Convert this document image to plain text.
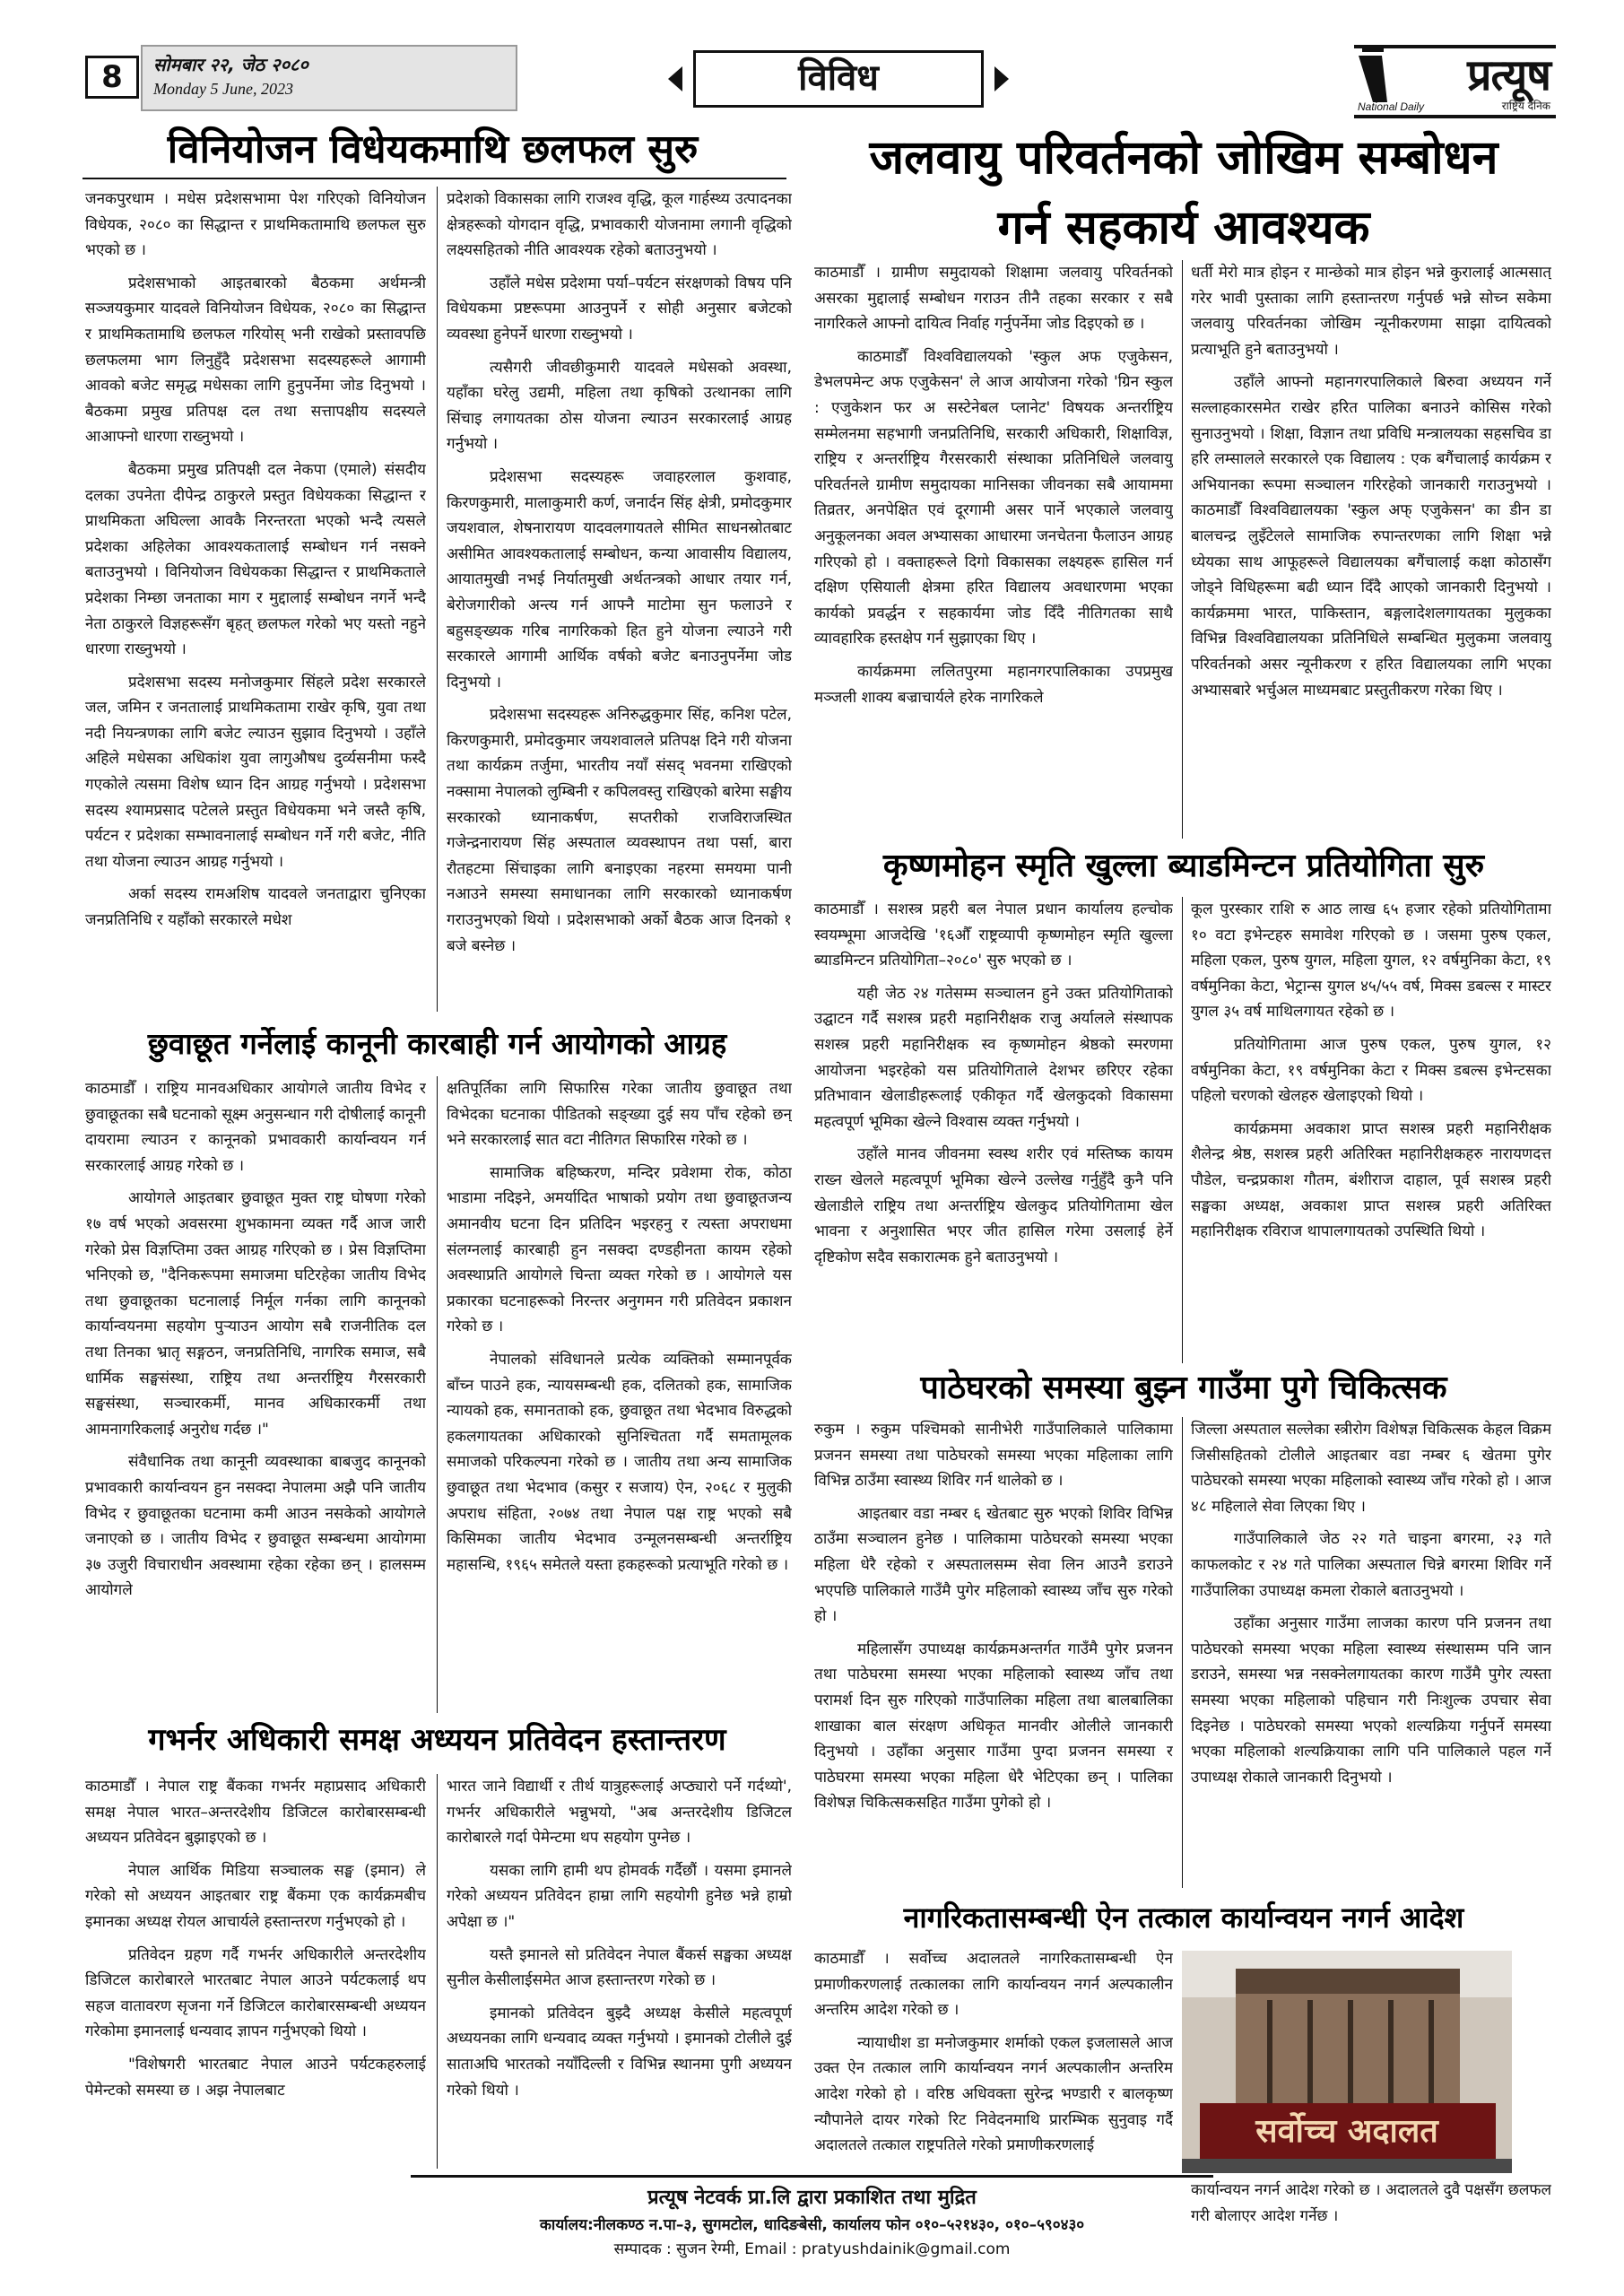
8	सोमबार २२, जेठ २०८०
Monday 5 June, 2023	विविध	प्रत्यूष
National Daily	राष्ट्रिय दैनिक
विनियोजन विधेयकमाथि छलफल सुरु

जनकपुरधाम । मधेस प्रदेशसभामा पेश गरिएको विनियोजन विधेयक, २०८० का सिद्धान्त र प्राथमिकतामाथि छलफल सुरु भएको छ ।

प्रदेशसभाको आइतबारको बैठकमा अर्थमन्त्री सञ्जयकुमार यादवले विनियोजन विधेयक, २०८० का सिद्धान्त र प्राथमिकतामाथि छलफल गरियोस् भनी राखेको प्रस्तावपछि छलफलमा भाग लिनुहुँदै प्रदेशसभा सदस्यहरूले आगामी आवको बजेट समृद्ध मधेसका लागि हुनुपर्नेमा जोड दिनुभयो । बैठकमा प्रमुख प्रतिपक्ष दल तथा सत्तापक्षीय सदस्यले आआफ्नो धारणा राख्नुभयो ।

बैठकमा प्रमुख प्रतिपक्षी दल नेकपा (एमाले) संसदीय दलका उपनेता दीपेन्द्र ठाकुरले प्रस्तुत विधेयकका सिद्धान्त र प्राथमिकता अघिल्ला आवकै निरन्तरता भएको भन्दै त्यसले प्रदेशका अहिलेका आवश्यकतालाई सम्बोधन गर्न नसक्ने बताउनुभयो । विनियोजन विधेयकका सिद्धान्त र प्राथमिकताले प्रदेशका निम्छा जनताका माग र मुद्दालाई सम्बोधन नगर्ने भन्दै नेता ठाकुरले विज्ञहरूसँग बृहत् छलफल गरेको भए यस्तो नहुने धारणा राख्नुभयो ।

प्रदेशसभा सदस्य मनोजकुमार सिंहले प्रदेश सरकारले जल, जमिन र जनतालाई प्राथमिकतामा राखेर कृषि, युवा तथा नदी नियन्त्रणका लागि बजेट ल्याउन सुझाव दिनुभयो । उहाँले अहिले मधेसका अधिकांश युवा लागुऔषध दुर्व्यसनीमा फस्दै गएकोले त्यसमा विशेष ध्यान दिन आग्रह गर्नुभयो । प्रदेशसभा सदस्य श्यामप्रसाद पटेलले प्रस्तुत विधेयकमा भने जस्तै कृषि, पर्यटन र प्रदेशका सम्भावनालाई सम्बोधन गर्ने गरी बजेट, नीति तथा योजना ल्याउन आग्रह गर्नुभयो ।

अर्का सदस्य रामअशिष यादवले जनताद्वारा चुनिएका जनप्रतिनिधि र यहाँको सरकारले मधेश

प्रदेशको विकासका लागि राजश्व वृद्धि, कूल गार्हस्थ्य उत्पादनका क्षेत्रहरूको योगदान वृद्धि, प्रभावकारी योजनामा लगानी वृद्धिको लक्ष्यसहितको नीति आवश्यक रहेको बताउनुभयो ।

उहाँले मधेस प्रदेशमा पर्या–पर्यटन संरक्षणको विषय पनि विधेयकमा प्रष्टरूपमा आउनुपर्ने र सोही अनुसार बजेटको व्यवस्था हुनेपर्ने धारणा राख्नुभयो ।

त्यसैगरी जीवछीकुमारी यादवले मधेसको अवस्था, यहाँका घरेलु उद्यमी, महिला तथा कृषिको उत्थानका लागि सिंचाइ लगायतका ठोस योजना ल्याउन सरकारलाई आग्रह गर्नुभयो ।

प्रदेशसभा सदस्यहरू जवाहरलाल कुशवाह, किरणकुमारी, मालाकुमारी कर्ण, जनार्दन सिंह क्षेत्री, प्रमोदकुमार जयशवाल, शेषनारायण यादवलगायतले सीमित साधनस्रोतबाट असीमित आवश्यकतालाई सम्बोधन, कन्या आवासीय विद्यालय, आयातमुखी नभई निर्यातमुखी अर्थतन्त्रको आधार तयार गर्न, बेरोजगारीको अन्त्य गर्न आफ्नै माटोमा सुन फलाउने र बहुसङ्ख्यक गरिब नागरिकको हित हुने योजना ल्याउने गरी सरकारले आगामी आर्थिक वर्षको बजेट बनाउनुपर्नेमा जोड दिनुभयो ।

प्रदेशसभा सदस्यहरू अनिरुद्धकुमार सिंह, कनिश पटेल, किरणकुमारी, प्रमोदकुमार जयशवालले प्रतिपक्ष दिने गरी योजना तथा कार्यक्रम तर्जुमा, भारतीय नयाँ संसद् भवनमा राखिएको नक्सामा नेपालको लुम्बिनी र कपिलवस्तु राखिएको बारेमा सङ्घीय सरकारको ध्यानाकर्षण, सप्तरीको राजविराजस्थित गजेन्द्रनारायण सिंह अस्पताल व्यवस्थापन तथा पर्सा, बारा रौतहटमा सिंचाइका लागि बनाइएका नहरमा समयमा पानी नआउने समस्या समाधानका लागि सरकारको ध्यानाकर्षण गराउनुभएको थियो । प्रदेशसभाको अर्को बैठक आज दिनको १ बजे बस्नेछ ।

जलवायु परिवर्तनको जोखिम सम्बोधन
गर्न सहकार्य आवश्यक

काठमाडौँ । ग्रामीण समुदायको शिक्षामा जलवायु परिवर्तनको असरका मुद्दालाई सम्बोधन गराउन तीनै तहका सरकार र सबै नागरिकले आफ्नो दायित्व निर्वाह गर्नुपर्नेमा जोड दिइएको छ ।

काठमाडौँ विश्वविद्यालयको 'स्कुल अफ एजुकेसन, डेभलपमेन्ट अफ एजुकेसन' ले आज आयोजना गरेको 'ग्रिन स्कुल : एजुकेशन फर अ सस्टेनेबल प्लानेट' विषयक अन्तर्राष्ट्रिय सम्मेलनमा सहभागी जनप्रतिनिधि, सरकारी अधिकारी, शिक्षाविज्ञ, राष्ट्रिय र अन्तर्राष्ट्रिय गैरसरकारी संस्थाका प्रतिनिधिले जलवायु परिवर्तनले ग्रामीण समुदायका मानिसका जीवनका सबै आयाममा तिव्रतर, अनपेक्षित एवं दूरगामी असर पार्ने भएकाले जलवायु अनुकूलनका अवल अभ्यासका आधारमा जनचेतना फैलाउन आग्रह गरिएको हो । वक्ताहरूले दिगो विकासका लक्ष्यहरू हासिल गर्न दक्षिण एसियाली क्षेत्रमा हरित विद्यालय अवधारणमा भएका कार्यको प्रवर्द्धन र सहकार्यमा जोड दिँदै नीतिगतका साथै व्यावहारिक हस्तक्षेप गर्न सुझाएका थिए ।

कार्यक्रममा ललितपुरमा महानगरपालिकाका उपप्रमुख मञ्जली शाक्य बज्राचार्यले हरेक नागरिकले

धर्ती मेरो मात्र होइन र मान्छेको मात्र होइन भन्ने कुरालाई आत्मसात् गरेर भावी पुस्ताका लागि हस्तान्तरण गर्नुपर्छ भन्ने सोच्न सकेमा जलवायु परिवर्तनका जोखिम न्यूनीकरणमा साझा दायित्वको प्रत्याभूति हुने बताउनुभयो ।

उहाँले आफ्नो महानगरपालिकाले बिरुवा अध्ययन गर्ने सल्लाहकारसमेत राखेर हरित पालिका बनाउने कोसिस गरेको सुनाउनुभयो । शिक्षा, विज्ञान तथा प्रविधि मन्त्रालयका सहसचिव डा हरि लम्सालले सरकारले एक विद्यालय : एक बगैंचालाई कार्यक्रम र अभियानका रूपमा सञ्चालन गरिरहेको जानकारी गराउनुभयो । काठमाडौँ विश्वविद्यालयका 'स्कुल अफ् एजुकेसन' का डीन डा बालचन्द्र लुइँटेलले सामाजिक रुपान्तरणका लागि शिक्षा भन्ने ध्येयका साथ आफूहरूले विद्यालयका बगैंचालाई कक्षा कोठासँग जोड्ने विधिहरूमा बढी ध्यान दिँदै आएको जानकारी दिनुभयो । कार्यक्रममा भारत, पाकिस्तान, बङ्गलादेशलगायतका मुलुकका विभिन्न विश्वविद्यालयका प्रतिनिधिले सम्बन्धित मुलुकमा जलवायु परिवर्तनको असर न्यूनीकरण र हरित विद्यालयका लागि भएका अभ्यासबारे भर्चुअल माध्यमबाट प्रस्तुतीकरण गरेका थिए ।

कृष्णमोहन स्मृति खुल्ला ब्याडमिन्टन प्रतियोगिता सुरु

काठमाडौँ । सशस्त्र प्रहरी बल नेपाल प्रधान कार्यालय हल्चोक स्वयम्भूमा आजदेखि '१६औँ राष्ट्रव्यापी कृष्णमोहन स्मृति खुल्ला ब्याडमिन्टन प्रतियोगिता–२०८०' सुरु भएको छ ।

यही जेठ २४ गतेसम्म सञ्चालन हुने उक्त प्रतियोगिताको उद्घाटन गर्दै सशस्त्र प्रहरी महानिरीक्षक राजु अर्यालले संस्थापक सशस्त्र प्रहरी महानिरीक्षक स्व कृष्णमोहन श्रेष्ठको स्मरणमा आयोजना भइरहेको यस प्रतियोगिताले देशभर छरिएर रहेका प्रतिभावान खेलाडीहरूलाई एकीकृत गर्दै खेलकुदको विकासमा महत्वपूर्ण भूमिका खेल्ने विश्वास व्यक्त गर्नुभयो ।

उहाँले मानव जीवनमा स्वस्थ शरीर एवं मस्तिष्क कायम राख्न खेलले महत्वपूर्ण भूमिका खेल्ने उल्लेख गर्नुहुँदै कुनै पनि खेलाडीले राष्ट्रिय तथा अन्तर्राष्ट्रिय खेलकुद प्रतियोगितामा खेल भावना र अनुशासित भएर जीत हासिल गरेमा उसलाई हेर्ने दृष्टिकोण सदैव सकारात्मक हुने बताउनुभयो ।

कूल पुरस्कार राशि रु आठ लाख ६५ हजार रहेको प्रतियोगितामा १० वटा इभेन्टहरु समावेश गरिएको छ । जसमा पुरुष एकल, महिला एकल, पुरुष युगल, महिला युगल, १२ वर्षमुनिका केटा, १९ वर्षमुनिका केटा, भेट्रान्स युगल ४५/५५ वर्ष, मिक्स डबल्स र मास्टर युगल ३५ वर्ष माथिलगायत रहेको छ ।

प्रतियोगितामा आज पुरुष एकल, पुरुष युगल, १२ वर्षमुनिका केटा, १९ वर्षमुनिका केटा र मिक्स डबल्स इभेन्टसका पहिलो चरणको खेलहरु खेलाइएको थियो ।

कार्यक्रममा अवकाश प्राप्त सशस्त्र प्रहरी महानिरीक्षक शैलेन्द्र श्रेष्ठ, सशस्त्र प्रहरी अतिरिक्त महानिरीक्षकहरु नारायणदत्त पौडेल, चन्द्रप्रकाश गौतम, बंशीराज दाहाल, पूर्व सशस्त्र प्रहरी सङ्घका अध्यक्ष, अवकाश प्राप्त सशस्त्र प्रहरी अतिरिक्त महानिरीक्षक रविराज थापालगायतको उपस्थिति थियो ।

छुवाछूत गर्नेलाई कानूनी कारबाही गर्न आयोगको आग्रह

काठमाडौँ । राष्ट्रिय मानवअधिकार आयोगले जातीय विभेद र छुवाछूतका सबै घटनाको सूक्ष्म अनुसन्धान गरी दोषीलाई कानूनी दायरामा ल्याउन र कानूनको प्रभावकारी कार्यान्वयन गर्न सरकारलाई आग्रह गरेको छ ।

आयोगले आइतबार छुवाछूत मुक्त राष्ट्र घोषणा गरेको १७ वर्ष भएको अवसरमा शुभकामना व्यक्त गर्दै आज जारी गरेको प्रेस विज्ञप्तिमा उक्त आग्रह गरिएको छ । प्रेस विज्ञप्तिमा भनिएको छ, "दैनिकरूपमा समाजमा घटिरहेका जातीय विभेद तथा छुवाछूतका घटनालाई निर्मूल गर्नका लागि कानूनको कार्यान्वयनमा सहयोग पुऱ्याउन आयोग सबै राजनीतिक दल तथा तिनका भ्रातृ सङ्गठन, जनप्रतिनिधि, नागरिक समाज, सबै धार्मिक सङ्घसंस्था, राष्ट्रिय तथा अन्तर्राष्ट्रिय गैरसरकारी सङ्घसंस्था, सञ्चारकर्मी, मानव अधिकारकर्मी तथा आमनागरिकलाई अनुरोध गर्दछ ।"

संवैधानिक तथा कानूनी व्यवस्थाका बाबजुद कानूनको प्रभावकारी कार्यान्वयन हुन नसक्दा नेपालमा अझै पनि जातीय विभेद र छुवाछूतका घटनामा कमी आउन नसकेको आयोगले जनाएको छ । जातीय विभेद र छुवाछूत सम्बन्धमा आयोगमा ३७ उजुरी विचाराधीन अवस्थामा रहेका रहेका छन् । हालसम्म आयोगले

क्षतिपूर्तिका लागि सिफारिस गरेका जातीय छुवाछूत तथा विभेदका घटनाका पीडितको सङ्ख्या दुई सय पाँच रहेको छन् भने सरकारलाई सात वटा नीतिगत सिफारिस गरेको छ ।

सामाजिक बहिष्करण, मन्दिर प्रवेशमा रोक, कोठा भाडामा नदिइने, अमर्यादित भाषाको प्रयोग तथा छुवाछूतजन्य अमानवीय घटना दिन प्रतिदिन भइरहनु र त्यस्ता अपराधमा संलग्नलाई कारबाही हुन नसक्दा दण्डहीनता कायम रहेको अवस्थाप्रति आयोगले चिन्ता व्यक्त गरेको छ । आयोगले यस प्रकारका घटनाहरूको निरन्तर अनुगमन गरी प्रतिवेदन प्रकाशन गरेको छ ।

नेपालको संविधानले प्रत्येक व्यक्तिको सम्मानपूर्वक बाँच्न पाउने हक, न्यायसम्बन्धी हक, दलितको हक, सामाजिक न्यायको हक, समानताको हक, छुवाछूत तथा भेदभाव विरुद्धको हकलगायतका अधिकारको सुनिश्चितता गर्दै समतामूलक समाजको परिकल्पना गरेको छ । जातीय तथा अन्य सामाजिक छुवाछूत तथा भेदभाव (कसुर र सजाय) ऐन, २०६८ र मुलुकी अपराध संहिता, २०७४ तथा नेपाल पक्ष राष्ट्र भएको सबै किसिमका जातीय भेदभाव उन्मूलनसम्बन्धी अन्तर्राष्ट्रिय महासन्धि, १९६५ समेतले यस्ता हकहरूको प्रत्याभूति गरेको छ ।

गभर्नर अधिकारी समक्ष अध्ययन प्रतिवेदन हस्तान्तरण

काठमाडौँ । नेपाल राष्ट्र बैंकका गभर्नर महाप्रसाद अधिकारी समक्ष नेपाल भारत–अन्तरदेशीय डिजिटल कारोबारसम्बन्धी अध्ययन प्रतिवेदन बुझाइएको छ ।

नेपाल आर्थिक मिडिया सञ्चालक सङ्घ (इमान) ले गरेको सो अध्ययन आइतबार राष्ट्र बैंकमा एक कार्यक्रमबीच इमानका अध्यक्ष रोयल आचार्यले हस्तान्तरण गर्नुभएको हो ।

प्रतिवेदन ग्रहण गर्दै गभर्नर अधिकारीले अन्तरदेशीय डिजिटल कारोबारले भारतबाट नेपाल आउने पर्यटकलाई थप सहज वातावरण सृजना गर्ने डिजिटल कारोबारसम्बन्धी अध्ययन गरेकोमा इमानलाई धन्यवाद ज्ञापन गर्नुभएको थियो ।

"विशेषगरी भारतबाट नेपाल आउने पर्यटकहरुलाई पेमेन्टको समस्या छ । अझ नेपालबाट

भारत जाने विद्यार्थी र तीर्थ यात्रुहरूलाई अप्ठ्यारो पर्ने गर्दथ्यो', गभर्नर अधिकारीले भन्नुभयो, "अब अन्तरदेशीय डिजिटल कारोबारले गर्दा पेमेन्टमा थप सहयोग पुग्नेछ ।

यसका लागि हामी थप होमवर्क गर्दैछौं । यसमा इमानले गरेको अध्ययन प्रतिवेदन हाम्रा लागि सहयोगी हुनेछ भन्ने हाम्रो अपेक्षा छ ।"

यस्तै इमानले सो प्रतिवेदन नेपाल बैंकर्स सङ्घका अध्यक्ष सुनील केसीलाईसमेत आज हस्तान्तरण गरेको छ ।

इमानको प्रतिवेदन बुझ्दै अध्यक्ष केसीले महत्वपूर्ण अध्ययनका लागि धन्यवाद व्यक्त गर्नुभयो । इमानको टोलीले दुई साताअघि भारतको नयाँदिल्ली र विभिन्न स्थानमा पुगी अध्ययन गरेको थियो ।

पाठेघरको समस्या बुझ्न गाउँमा पुगे चिकित्सक

रुकुम । रुकुम पश्चिमको सानीभेरी गाउँपालिकाले पालिकामा प्रजनन समस्या तथा पाठेघरको समस्या भएका महिलाका लागि विभिन्न ठाउँमा स्वास्थ्य शिविर गर्न थालेको छ ।

आइतबार वडा नम्बर ६ खेतबाट सुरु भएको शिविर विभिन्न ठाउँमा सञ्चालन हुनेछ । पालिकामा पाठेघरको समस्या भएका महिला धेरै रहेको र अस्पतालसम्म सेवा लिन आउनै डराउने भएपछि पालिकाले गाउँमै पुगेर महिलाको स्वास्थ्य जाँच सुरु गरेको हो ।

महिलासँग उपाध्यक्ष कार्यक्रमअन्तर्गत गाउँमै पुगेर प्रजनन तथा पाठेघरमा समस्या भएका महिलाको स्वास्थ्य जाँच तथा परामर्श दिन सुरु गरिएको गाउँपालिका महिला तथा बालबालिका शाखाका बाल संरक्षण अधिकृत मानवीर ओलीले जानकारी दिनुभयो । उहाँका अनुसार गाउँमा पुग्दा प्रजनन समस्या र पाठेघरमा समस्या भएका महिला धेरै भेटिएका छन् । पालिका विशेषज्ञ चिकित्सकसहित गाउँमा पुगेको हो ।

जिल्ला अस्पताल सल्लेका स्त्रीरोग विशेषज्ञ चिकित्सक केहल विक्रम जिसीसहितको टोलीले आइतबार वडा नम्बर ६ खेतमा पुगेर पाठेघरको समस्या भएका महिलाको स्वास्थ्य जाँच गरेको हो । आज ४८ महिलाले सेवा लिएका थिए ।

गाउँपालिकाले जेठ २२ गते चाइना बगरमा, २३ गते काफलकोट र २४ गते पालिका अस्पताल चिन्ने बगरमा शिविर गर्ने गाउँपालिका उपाध्यक्ष कमला रोकाले बताउनुभयो ।

उहाँका अनुसार गाउँमा लाजका कारण पनि प्रजनन तथा पाठेघरको समस्या भएका महिला स्वास्थ्य संस्थासम्म पनि जान डराउने, समस्या भन्न नसक्नेलगायतका कारण गाउँमै पुगेर त्यस्ता समस्या भएका महिलाको पहिचान गरी निःशुल्क उपचार सेवा दिइनेछ । पाठेघरको समस्या भएको शल्यक्रिया गर्नुपर्ने समस्या भएका महिलाको शल्यक्रियाका लागि पनि पालिकाले पहल गर्ने उपाध्यक्ष रोकाले जानकारी दिनुभयो ।

नागरिकतासम्बन्धी ऐन तत्काल कार्यान्वयन नगर्न आदेश

काठमाडौँ । सर्वोच्च अदालतले नागरिकतासम्बन्धी ऐन प्रमाणीकरणलाई तत्कालका लागि कार्यान्वयन नगर्न अल्पकालीन अन्तरिम आदेश गरेको छ ।

न्यायाधीश डा मनोजकुमार शर्माको एकल इजलासले आज उक्त ऐन तत्काल लागि कार्यान्वयन नगर्न अल्पकालीन अन्तरिम आदेश गरेको हो । वरिष्ठ अधिवक्ता सुरेन्द्र भण्डारी र बालकृष्ण न्यौपानेले दायर गरेको रिट निवेदनमाथि प्रारम्भिक सुनुवाइ गर्दै अदालतले तत्काल राष्ट्रपतिले गरेको प्रमाणीकरणलाई	सर्वोच्च अदालत

कार्यान्वयन नगर्न आदेश गरेको छ । अदालतले दुवै पक्षसँग छलफल गरी बोलाएर आदेश गर्नेछ ।

प्रत्यूष नेटवर्क प्रा.लि द्वारा प्रकाशित तथा मुद्रित
कार्यालय:नीलकण्ठ न.पा–३, सुगमटोल, धादिङबेसी, कार्यालय फोन ०१०–५२१४३०, ०१०–५९०४३०
सम्पादक : सुजन रेग्मी, Email : pratyushdainik@gmail.com
